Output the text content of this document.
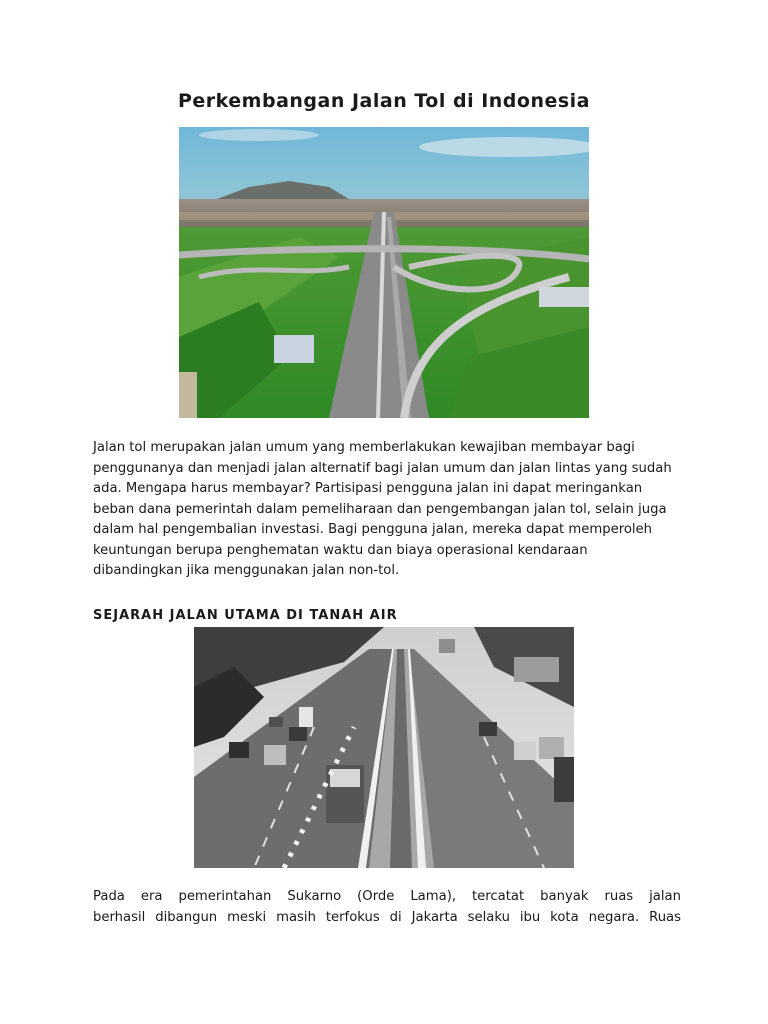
Perkembangan Jalan Tol di Indonesia

Jalan tol merupakan jalan umum yang memberlakukan kewajiban membayar bagi penggunanya dan menjadi jalan alternatif bagi jalan umum dan jalan lintas yang sudah ada. Mengapa harus membayar? Partisipasi pengguna jalan ini dapat meringankan beban dana pemerintah dalam pemeliharaan dan pengembangan jalan tol, selain juga dalam hal pengembalian investasi. Bagi pengguna jalan, mereka dapat memperoleh keuntungan berupa penghematan waktu dan biaya operasional kendaraan dibandingkan jika menggunakan jalan non-tol.

SEJARAH JALAN UTAMA DI TANAH AIR

Pada era pemerintahan Sukarno (Orde Lama), tercatat banyak ruas jalan
berhasil dibangun meski masih terfokus di Jakarta selaku ibu kota negara. Ruas
